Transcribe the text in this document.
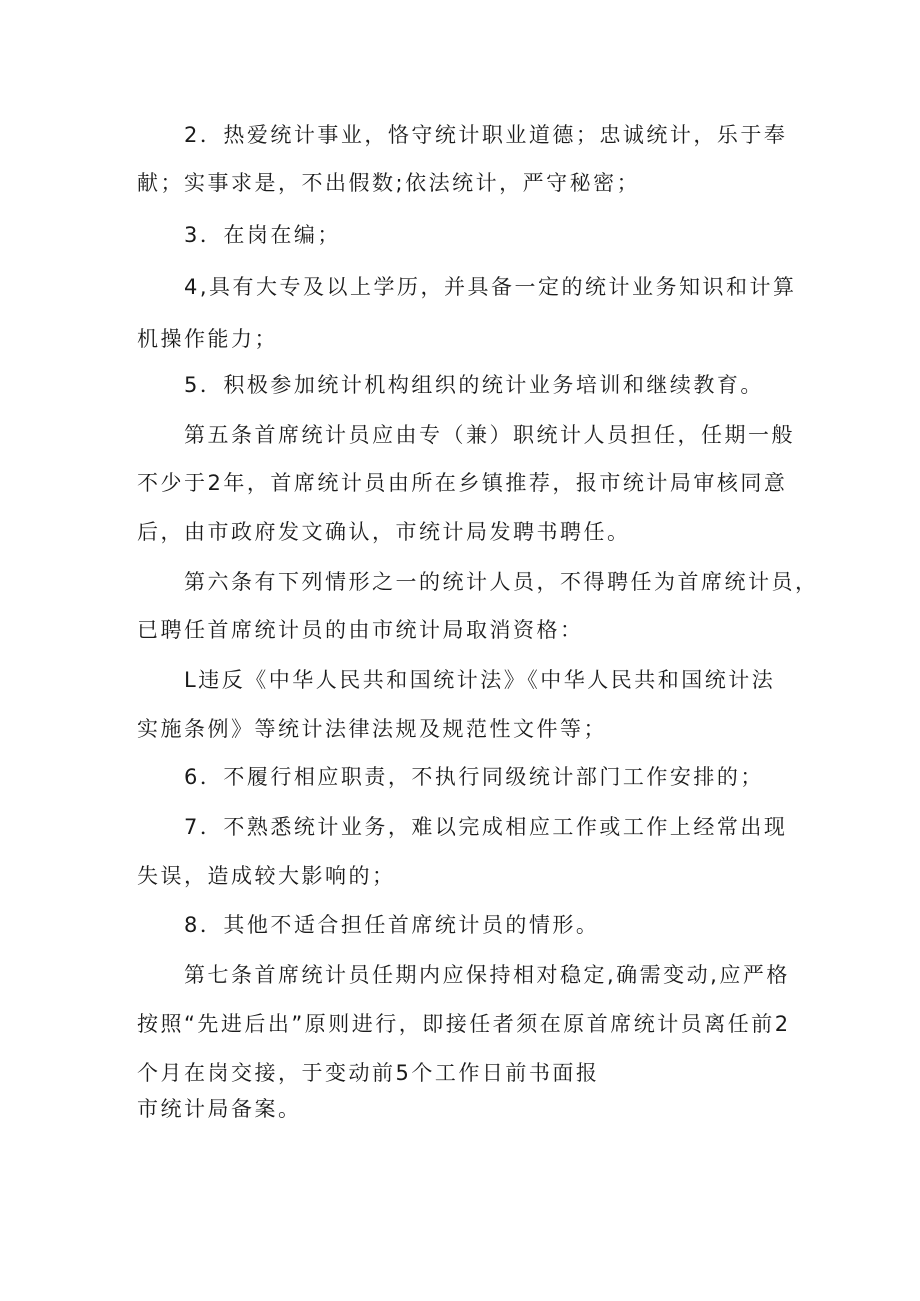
2．热爱统计事业，恪守统计职业道德；忠诚统计，乐于奉
献；实事求是，不出假数;依法统计，严守秘密；
3．在岗在编；
4,具有大专及以上学历，并具备一定的统计业务知识和计算
机操作能力；
5．积极参加统计机构组织的统计业务培训和继续教育。
第五条首席统计员应由专（兼）职统计人员担任，任期一般
不少于2年，首席统计员由所在乡镇推荐，报市统计局审核同意
后，由市政府发文确认，市统计局发聘书聘任。
第六条有下列情形之一的统计人员，不得聘任为首席统计员，
已聘任首席统计员的由市统计局取消资格：
L违反《中华人民共和国统计法》《中华人民共和国统计法
实施条例》等统计法律法规及规范性文件等；
6．不履行相应职责，不执行同级统计部门工作安排的；
7．不熟悉统计业务，难以完成相应工作或工作上经常出现
失误，造成较大影响的；
8．其他不适合担任首席统计员的情形。
第七条首席统计员任期内应保持相对稳定,确需变动,应严格
按照“先进后出”原则进行，即接任者须在原首席统计员离任前2
个月在岗交接，于变动前5个工作日前书面报
市统计局备案。
